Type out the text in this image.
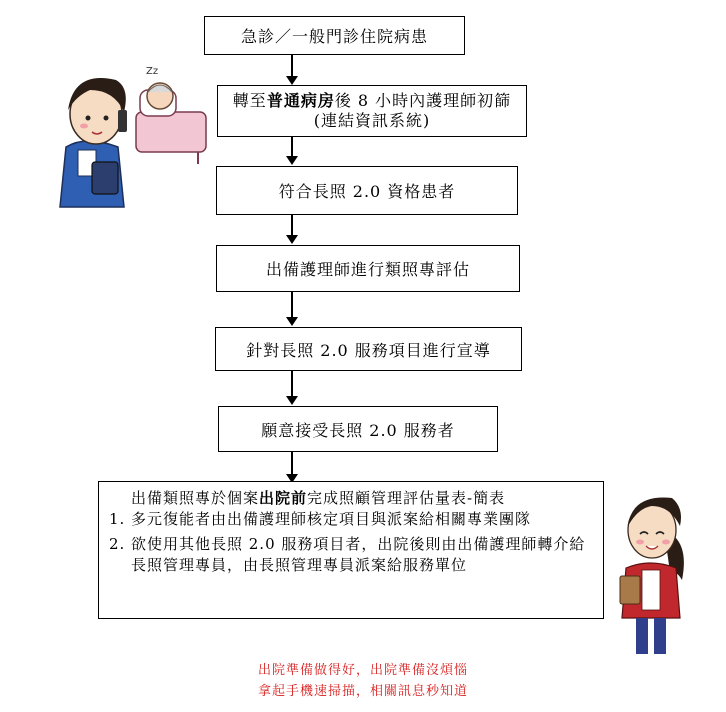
Zz
急診／一般門診住院病患
轉至普通病房後 8 小時內護理師初篩
(連結資訊系統)
符合長照 2.0 資格患者
出備護理師進行類照專評估
針對長照 2.0 服務項目進行宣導
願意接受長照 2.0 服務者

出備類照專於個案出院前完成照顧管理評估量表-簡表

1. 多元復能者由出備護理師核定項目與派案給相關專業團隊
2. 欲使用其他長照 2.0 服務項目者，出院後則由出備護理師轉介給長照管理專員，由長照管理專員派案給服務單位
出院準備做得好，出院準備沒煩惱
拿起手機速掃描，相關訊息秒知道
